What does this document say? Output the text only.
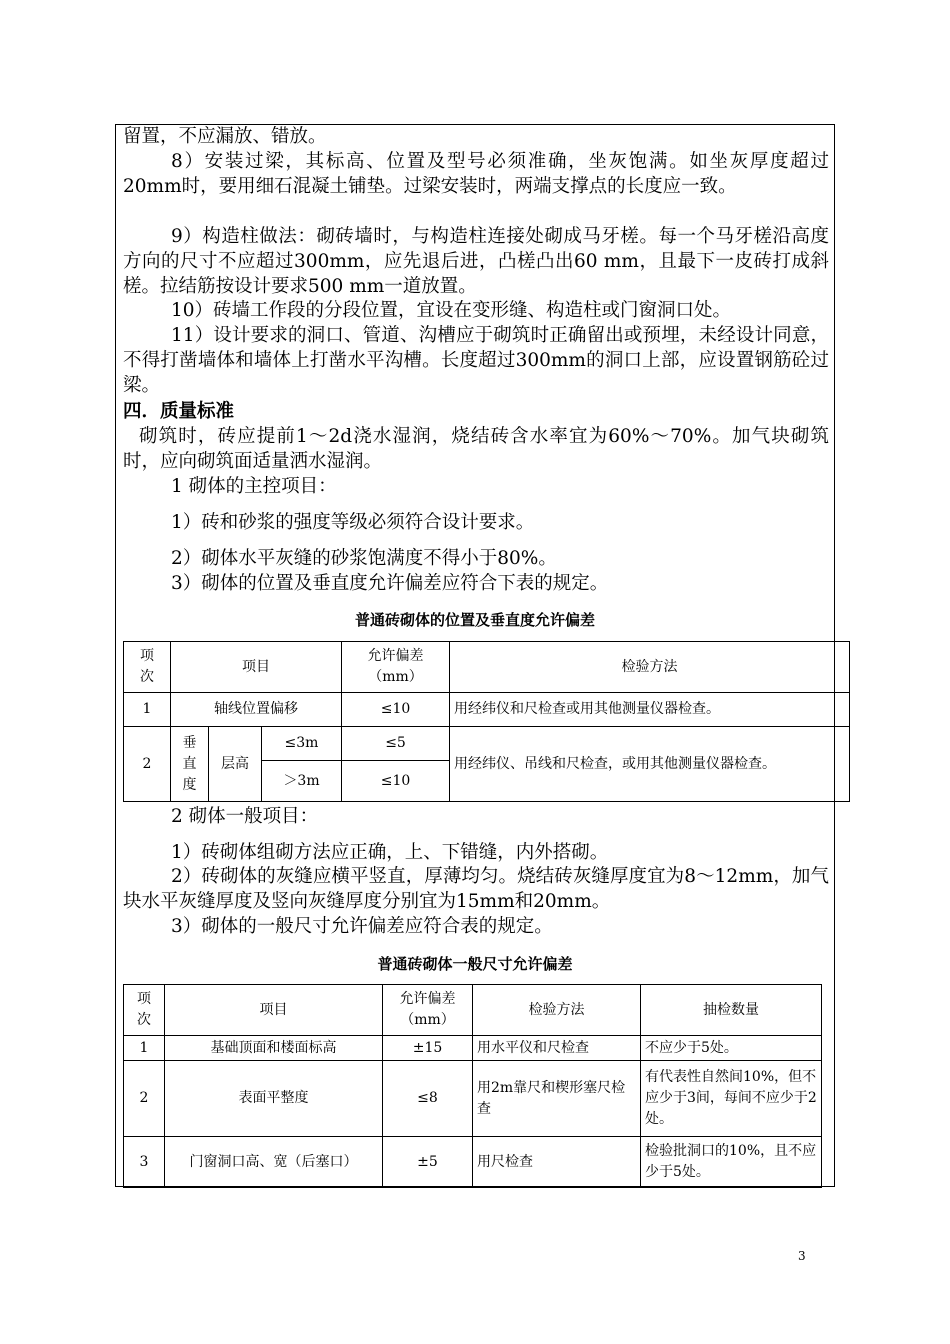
留置，不应漏放、错放。

8）安装过梁，其标高、位置及型号必须准确，坐灰饱满。如坐灰厚度超过20mm时，要用细石混凝土铺垫。过梁安装时，两端支撑点的长度应一致。

9）构造柱做法：砌砖墙时，与构造柱连接处砌成马牙槎。每一个马牙槎沿高度方向的尺寸不应超过300mm，应先退后进，凸槎凸出60 mm，且最下一皮砖打成斜槎。拉结筋按设计要求500 mm一道放置。

10）砖墙工作段的分段位置，宜设在变形缝、构造柱或门窗洞口处。

11）设计要求的洞口、管道、沟槽应于砌筑时正确留出或预埋，未经设计同意，不得打凿墙体和墙体上打凿水平沟槽。长度超过300mm的洞口上部，应设置钢筋砼过梁。

四．质量标准

砌筑时，砖应提前1～2d浇水湿润，烧结砖含水率宜为60%～70%。加气块砌筑时，应向砌筑面适量洒水湿润。

1 砌体的主控项目：

1）砖和砂浆的强度等级必须符合设计要求。

2）砌体水平灰缝的砂浆饱满度不得小于80%。

3）砌体的位置及垂直度允许偏差应符合下表的规定。

普通砖砌体的位置及垂直度允许偏差
项次	项目			允许偏差（mm）	检验方法
1	轴线位置偏移			≤10	用经纬仪和尺检查或用其他测量仪器检查。
2	垂直度	层高	≤3m	≤5	用经纬仪、吊线和尺检查，或用其他测量仪器检查。
			＞3m	≤10	

2 砌体一般项目：

1）砖砌体组砌方法应正确，上、下错缝，内外搭砌。

2）砖砌体的灰缝应横平竖直，厚薄均匀。烧结砖灰缝厚度宜为8～12mm，加气块水平灰缝厚度及竖向灰缝厚度分别宜为15mm和20mm。

3）砌体的一般尺寸允许偏差应符合表的规定。

普通砖砌体一般尺寸允许偏差
项次	项目	允许偏差（mm）	检验方法	抽检数量
1	基础顶面和楼面标高	±15	用水平仪和尺检查	不应少于5处。
2	表面平整度	≤8	用2m靠尺和楔形塞尺检查	有代表性自然间10%，但不应少于3间，每间不应少于2处。
3	门窗洞口高、宽（后塞口）	±5	用尺检查	检验批洞口的10%，且不应少于5处。
3
